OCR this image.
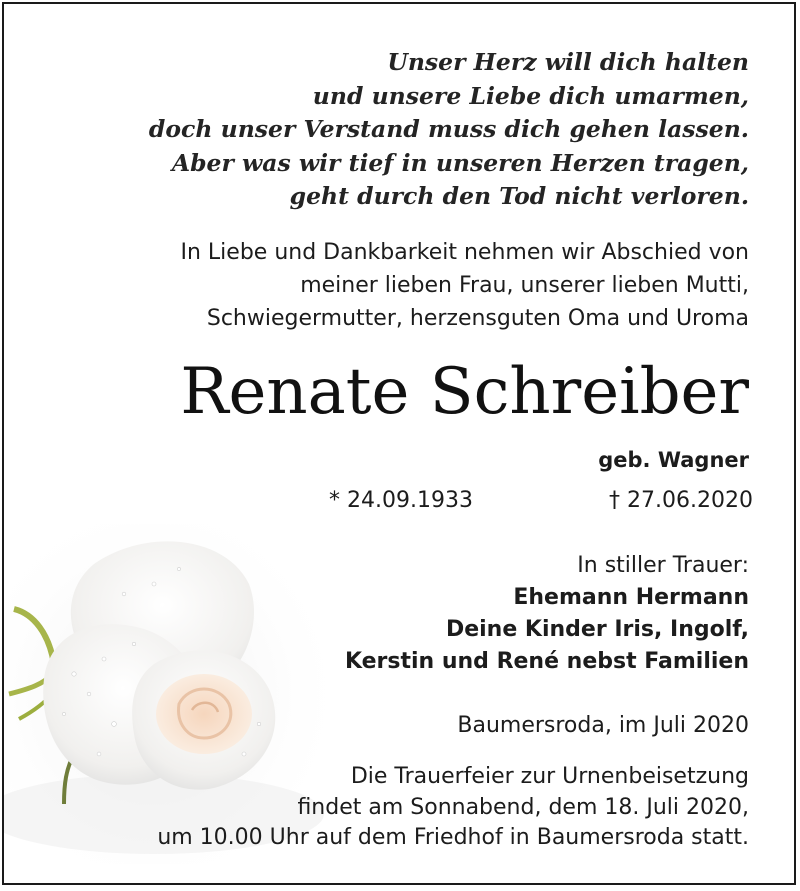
Unser Herz will dich halten
und unsere Liebe dich umarmen,
doch unser Verstand muss dich gehen lassen.
Aber was wir tief in unseren Herzen tragen,
geht durch den Tod nicht verloren.
In Liebe und Dankbarkeit nehmen wir Abschied von
meiner lieben Frau, unserer lieben Mutti,
Schwiegermutter, herzensguten Oma und Uroma
Renate Schreiber
geb. Wagner
* 24.09.1933	† 27.06.2020
In stiller Trauer:
Ehemann Hermann
Deine Kinder Iris, Ingolf,
Kerstin und René nebst Familien
Baumersroda, im Juli 2020
Die Trauerfeier zur Urnenbeisetzung
findet am Sonnabend, dem 18. Juli 2020,
um 10.00 Uhr auf dem Friedhof in Baumersroda statt.
